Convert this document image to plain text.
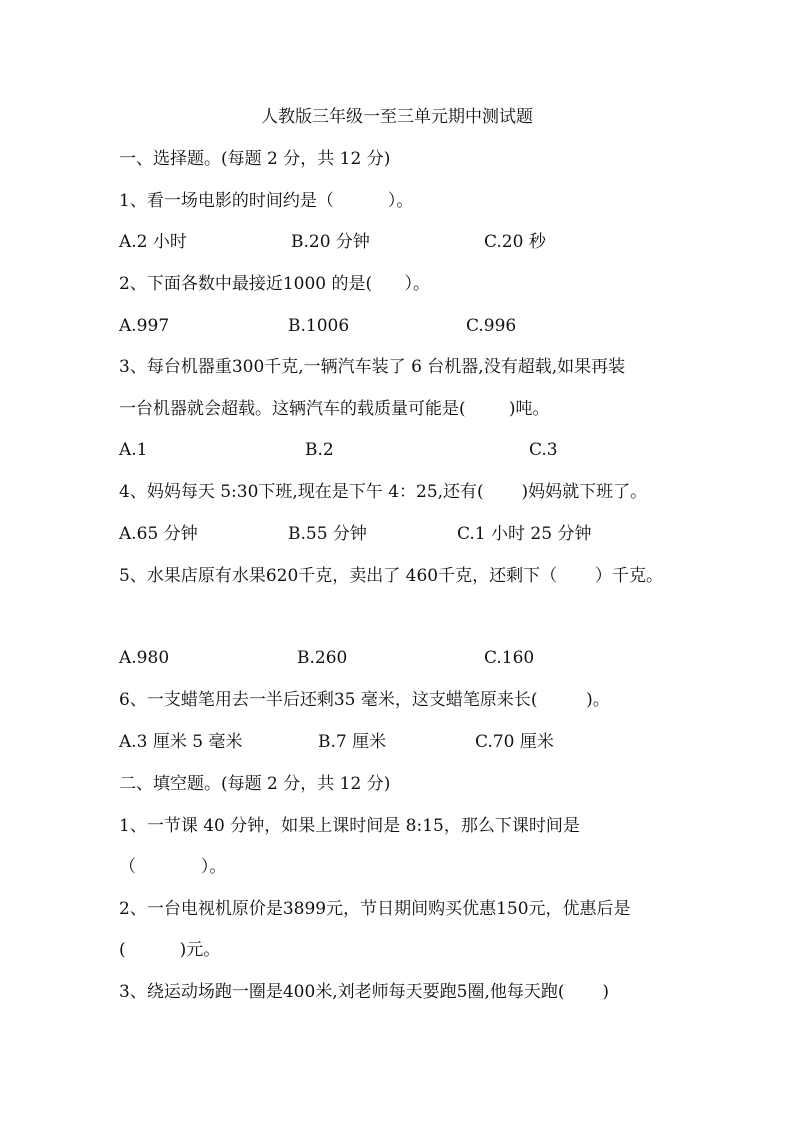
人教版三年级一至三单元期中测试题
一、选择题。(每题 2 分，共 12 分)
1、看一场电影的时间约是（          ）。
A.2 小时	B.20 分钟	C.20 秒
2、下面各数中最接近1000 的是(      ）。
A.997	B.1006	C.996
3、每台机器重300千克,一辆汽车装了 6 台机器,没有超载,如果再装
一台机器就会超载。这辆汽车的载质量可能是(        )吨。
A.1	B.2	C.3
4、妈妈每天 5:30下班,现在是下午 4：25,还有(       )妈妈就下班了。
A.65 分钟	B.55 分钟	C.1 小时 25 分钟
5、水果店原有水果620千克，卖出了 460千克，还剩下（       ）千克。
A.980	B.260	C.160
6、一支蜡笔用去一半后还剩35 毫米，这支蜡笔原来长(         )。
A.3 厘米 5 毫米	B.7 厘米	C.70 厘米
二、填空题。(每题 2 分，共 12 分)
1、一节课 40 分钟，如果上课时间是 8:15，那么下课时间是
（            ）。
2、一台电视机原价是3899元，节日期间购买优惠150元，优惠后是
(          )元。
3、绕运动场跑一圈是400米,刘老师每天要跑5圈,他每天跑(       )
